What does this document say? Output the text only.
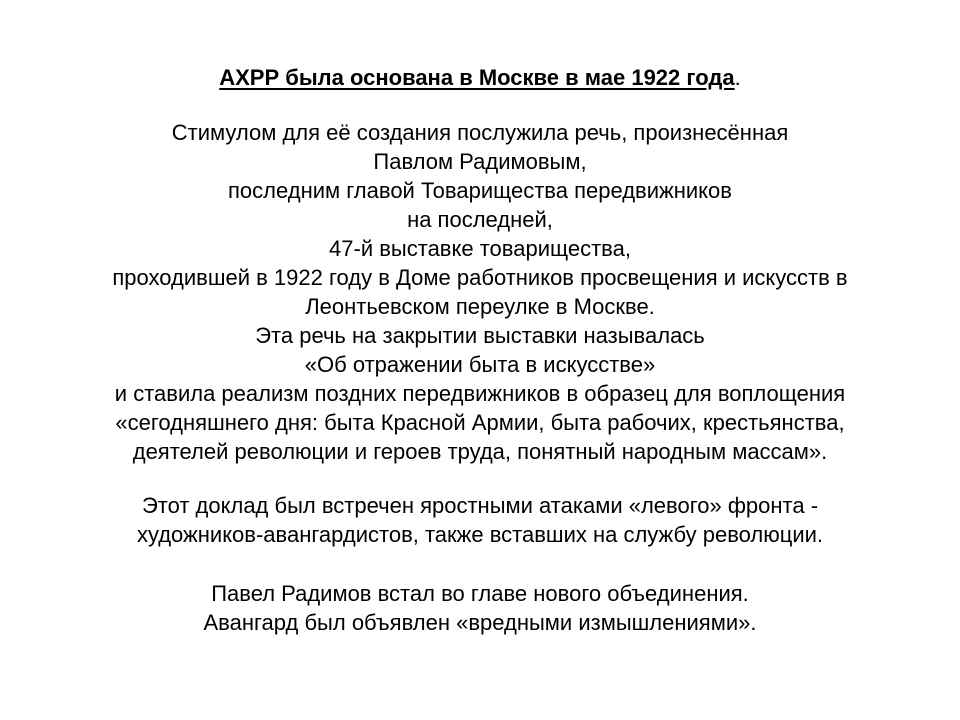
АХРР была основана в Москве в мае 1922 года.
Стимулом для её создания послужила речь, произнесённая
Павлом Радимовым,
последним главой Товарищества передвижников
на последней,
47-й выставке товарищества,
проходившей в 1922 году в Доме работников просвещения и искусств в
Леонтьевском переулке в Москве.
Эта речь на закрытии выставки называлась
«Об отражении быта в искусстве»
и ставила реализм поздних передвижников в образец для воплощения
«сегодняшнего дня: быта Красной Армии, быта рабочих, крестьянства,
деятелей революции и героев труда, понятный народным массам».
Этот доклад был встречен яростными атаками «левого» фронта -
художников-авангардистов, также вставших на службу революции.
Павел Радимов встал во главе нового объединения.
Авангард был объявлен «вредными измышлениями».
